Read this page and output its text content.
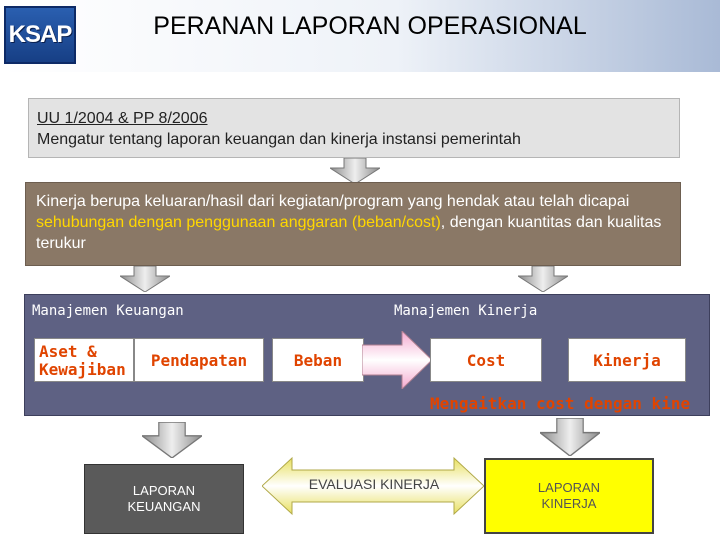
KSAP	PERANAN LAPORAN OPERASIONAL
UU 1/2004 & PP 8/2006
Mengatur tentang laporan keuangan dan kinerja instansi pemerintah
Kinerja berupa keluaran/hasil dari kegiatan/program yang hendak atau telah dicapai sehubungan dengan penggunaan anggaran (beban/cost), dengan kuantitas dan kualitas terukur
Manajemen Keuangan	Manajemen Kinerja
Aset &
Kewajiban	Pendapatan	Beban	Cost	Kinerja
Mengaitkan cost dengan kine
LAPORAN
KEUANGAN
EVALUASI KINERJA	LAPORAN
KINERJA
